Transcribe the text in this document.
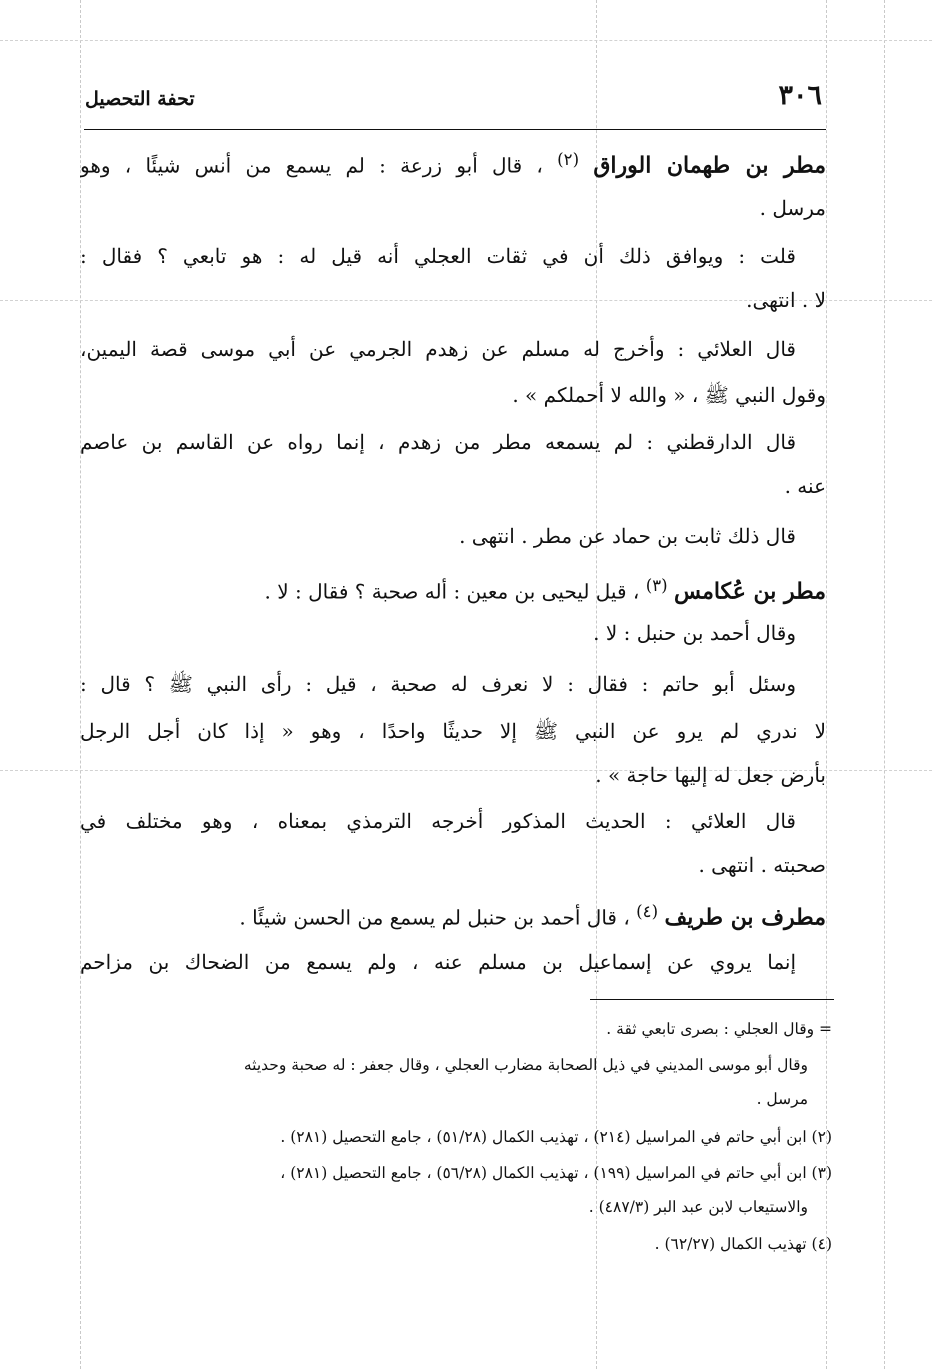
٣٠٦
تحفة التحصيل
مطر بن طهمان الوراق $^{(٢)}$ ، قال أبو زرعة : لم يسمع من أنس شيئًا ، وهو
مرسل .
قلت : ويوافق ذلك أن في ثقات العجلي أنه قيل له : هو تابعي ؟ فقال :
لا . انتهى.
قال العلائي : وأخرج له مسلم عن زهدم الجرمي عن أبي موسى قصة اليمين،
وقول النبي ﷺ ، « والله لا أحملكم » .
قال الدارقطني : لم يسمعه مطر من زهدم ، إنما رواه عن القاسم بن عاصم
عنه .
قال ذلك ثابت بن حماد عن مطر . انتهى .
مطر بن عُكامس $^{(٣)}$ ، قيل ليحيى بن معين : أله صحبة ؟ فقال : لا .
وقال أحمد بن حنبل : لا .
وسئل أبو حاتم : فقال : لا نعرف له صحبة ، قيل : رأى النبي ﷺ ؟ قال :
لا ندري لم يرو عن النبي ﷺ إلا حديثًا واحدًا ، وهو « إذا كان أجل الرجل
بأرض جعل له إليها حاجة » .
قال العلائي : الحديث المذكور أخرجه الترمذي بمعناه ، وهو مختلف في
صحبته . انتهى .
مطرف بن طريف $^{(٤)}$ ، قال أحمد بن حنبل لم يسمع من الحسن شيئًا .
إنما يروي عن إسماعيل بن مسلم عنه ، ولم يسمع من الضحاك بن مزاحم
= وقال العجلي : بصرى تابعي ثقة .
وقال أبو موسى المديني في ذيل الصحابة مضارب العجلي ، وقال جعفر : له صحبة وحديثه
مرسل .
(٢) ابن أبي حاتم في المراسيل (٢١٤) ، تهذيب الكمال (٥١/٢٨) ، جامع التحصيل (٢٨١) .
(٣) ابن أبي حاتم في المراسيل (١٩٩) ، تهذيب الكمال (٥٦/٢٨) ، جامع التحصيل (٢٨١) ،
والاستيعاب لابن عبد البر (٤٨٧/٣) .
(٤) تهذيب الكمال (٦٢/٢٧) .
